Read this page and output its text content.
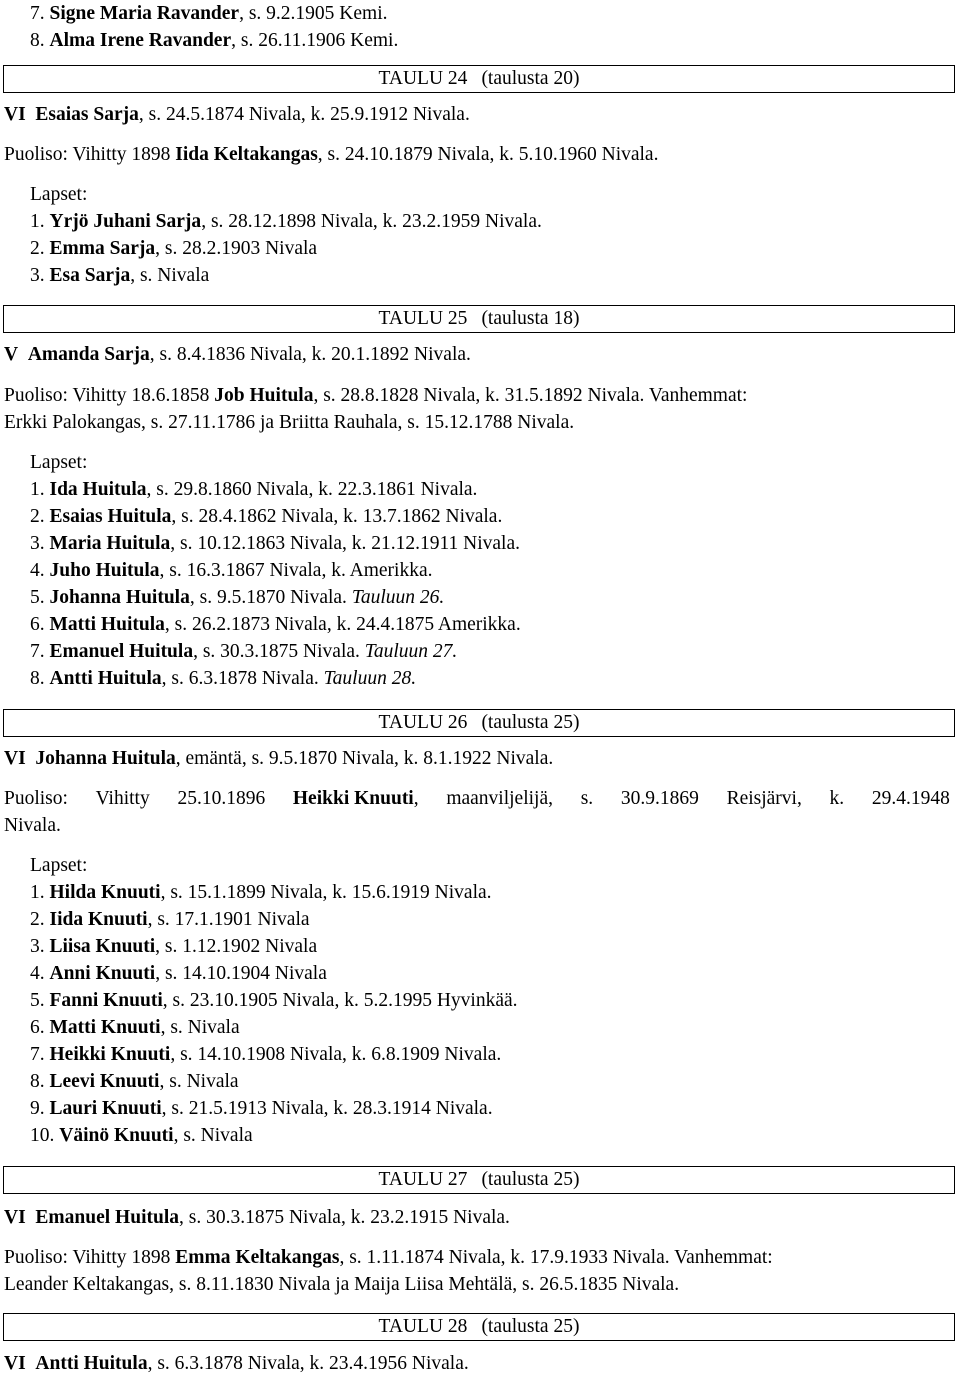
7. Signe Maria Ravander, s. 9.2.1905 Kemi.
8. Alma Irene Ravander, s. 26.11.1906 Kemi.
TAULU 24 (taulusta 20)
VI Esaias Sarja, s. 24.5.1874 Nivala, k. 25.9.1912 Nivala.
Puoliso: Vihitty 1898 Iida Keltakangas, s. 24.10.1879 Nivala, k. 5.10.1960 Nivala.
Lapset:
1. Yrjö Juhani Sarja, s. 28.12.1898 Nivala, k. 23.2.1959 Nivala.
2. Emma Sarja, s. 28.2.1903 Nivala
3. Esa Sarja, s. Nivala
TAULU 25 (taulusta 18)
V Amanda Sarja, s. 8.4.1836 Nivala, k. 20.1.1892 Nivala.
Puoliso: Vihitty 18.6.1858 Job Huitula, s. 28.8.1828 Nivala, k. 31.5.1892 Nivala. Vanhemmat:
Erkki Palokangas, s. 27.11.1786 ja Briitta Rauhala, s. 15.12.1788 Nivala.
Lapset:
1. Ida Huitula, s. 29.8.1860 Nivala, k. 22.3.1861 Nivala.
2. Esaias Huitula, s. 28.4.1862 Nivala, k. 13.7.1862 Nivala.
3. Maria Huitula, s. 10.12.1863 Nivala, k. 21.12.1911 Nivala.
4. Juho Huitula, s. 16.3.1867 Nivala, k. Amerikka.
5. Johanna Huitula, s. 9.5.1870 Nivala. Tauluun 26.
6. Matti Huitula, s. 26.2.1873 Nivala, k. 24.4.1875 Amerikka.
7. Emanuel Huitula, s. 30.3.1875 Nivala. Tauluun 27.
8. Antti Huitula, s. 6.3.1878 Nivala. Tauluun 28.
TAULU 26 (taulusta 25)
VI Johanna Huitula, emäntä, s. 9.5.1870 Nivala, k. 8.1.1922 Nivala.
Puoliso: Vihitty 25.10.1896 Heikki Knuuti, maanviljelijä, s. 30.9.1869 Reisjärvi, k. 29.4.1948
Nivala.
Lapset:
1. Hilda Knuuti, s. 15.1.1899 Nivala, k. 15.6.1919 Nivala.
2. Iida Knuuti, s. 17.1.1901 Nivala
3. Liisa Knuuti, s. 1.12.1902 Nivala
4. Anni Knuuti, s. 14.10.1904 Nivala
5. Fanni Knuuti, s. 23.10.1905 Nivala, k. 5.2.1995 Hyvinkää.
6. Matti Knuuti, s. Nivala
7. Heikki Knuuti, s. 14.10.1908 Nivala, k. 6.8.1909 Nivala.
8. Leevi Knuuti, s. Nivala
9. Lauri Knuuti, s. 21.5.1913 Nivala, k. 28.3.1914 Nivala.
10. Väinö Knuuti, s. Nivala
TAULU 27 (taulusta 25)
VI Emanuel Huitula, s. 30.3.1875 Nivala, k. 23.2.1915 Nivala.
Puoliso: Vihitty 1898 Emma Keltakangas, s. 1.11.1874 Nivala, k. 17.9.1933 Nivala. Vanhemmat:
Leander Keltakangas, s. 8.11.1830 Nivala ja Maija Liisa Mehtälä, s. 26.5.1835 Nivala.
TAULU 28 (taulusta 25)
VI Antti Huitula, s. 6.3.1878 Nivala, k. 23.4.1956 Nivala.
